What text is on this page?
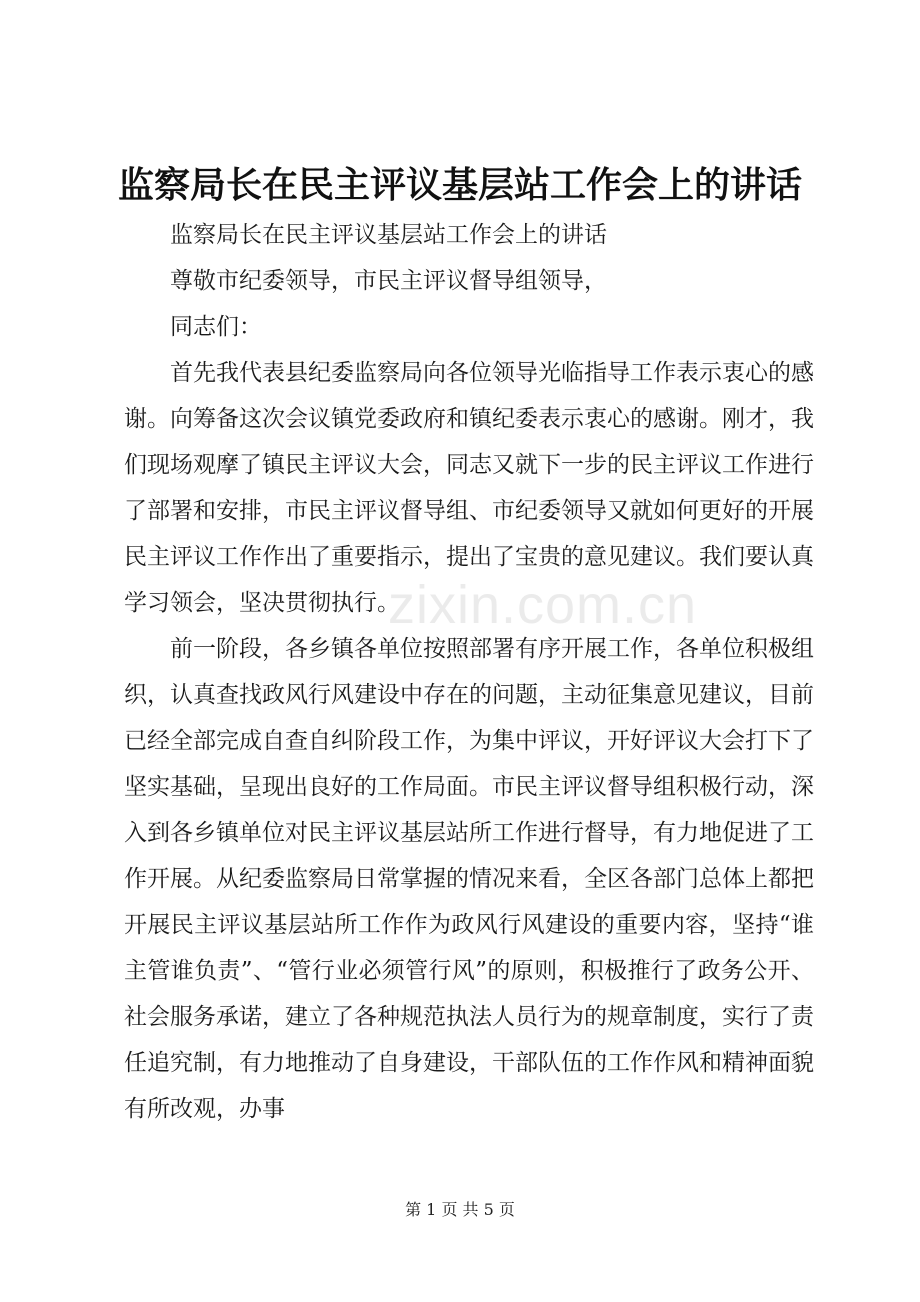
监察局长在民主评议基层站工作会上的讲话

监察局长在民主评议基层站工作会上的讲话

尊敬市纪委领导，市民主评议督导组领导，

同志们：

首先我代表县纪委监察局向各位领导光临指导工作表示衷心的感谢。向筹备这次会议镇党委政府和镇纪委表示衷心的感谢。刚才，我们现场观摩了镇民主评议大会，同志又就下一步的民主评议工作进行了部署和安排，市民主评议督导组、市纪委领导又就如何更好的开展民主评议工作作出了重要指示，提出了宝贵的意见建议。我们要认真学习领会，坚决贯彻执行。

前一阶段，各乡镇各单位按照部署有序开展工作，各单位积极组织，认真查找政风行风建设中存在的问题，主动征集意见建议，目前已经全部完成自查自纠阶段工作，为集中评议，开好评议大会打下了坚实基础，呈现出良好的工作局面。市民主评议督导组积极行动，深入到各乡镇单位对民主评议基层站所工作进行督导，有力地促进了工作开展。从纪委监察局日常掌握的情况来看，全区各部门总体上都把开展民主评议基层站所工作作为政风行风建设的重要内容，坚持“谁主管谁负责”、“管行业必须管行风”的原则，积极推行了政务公开、社会服务承诺，建立了各种规范执法人员行为的规章制度，实行了责任追究制，有力地推动了自身建设，干部队伍的工作作风和精神面貌有所改观，办事

zixin.com.cn
第 1 页 共 5 页
